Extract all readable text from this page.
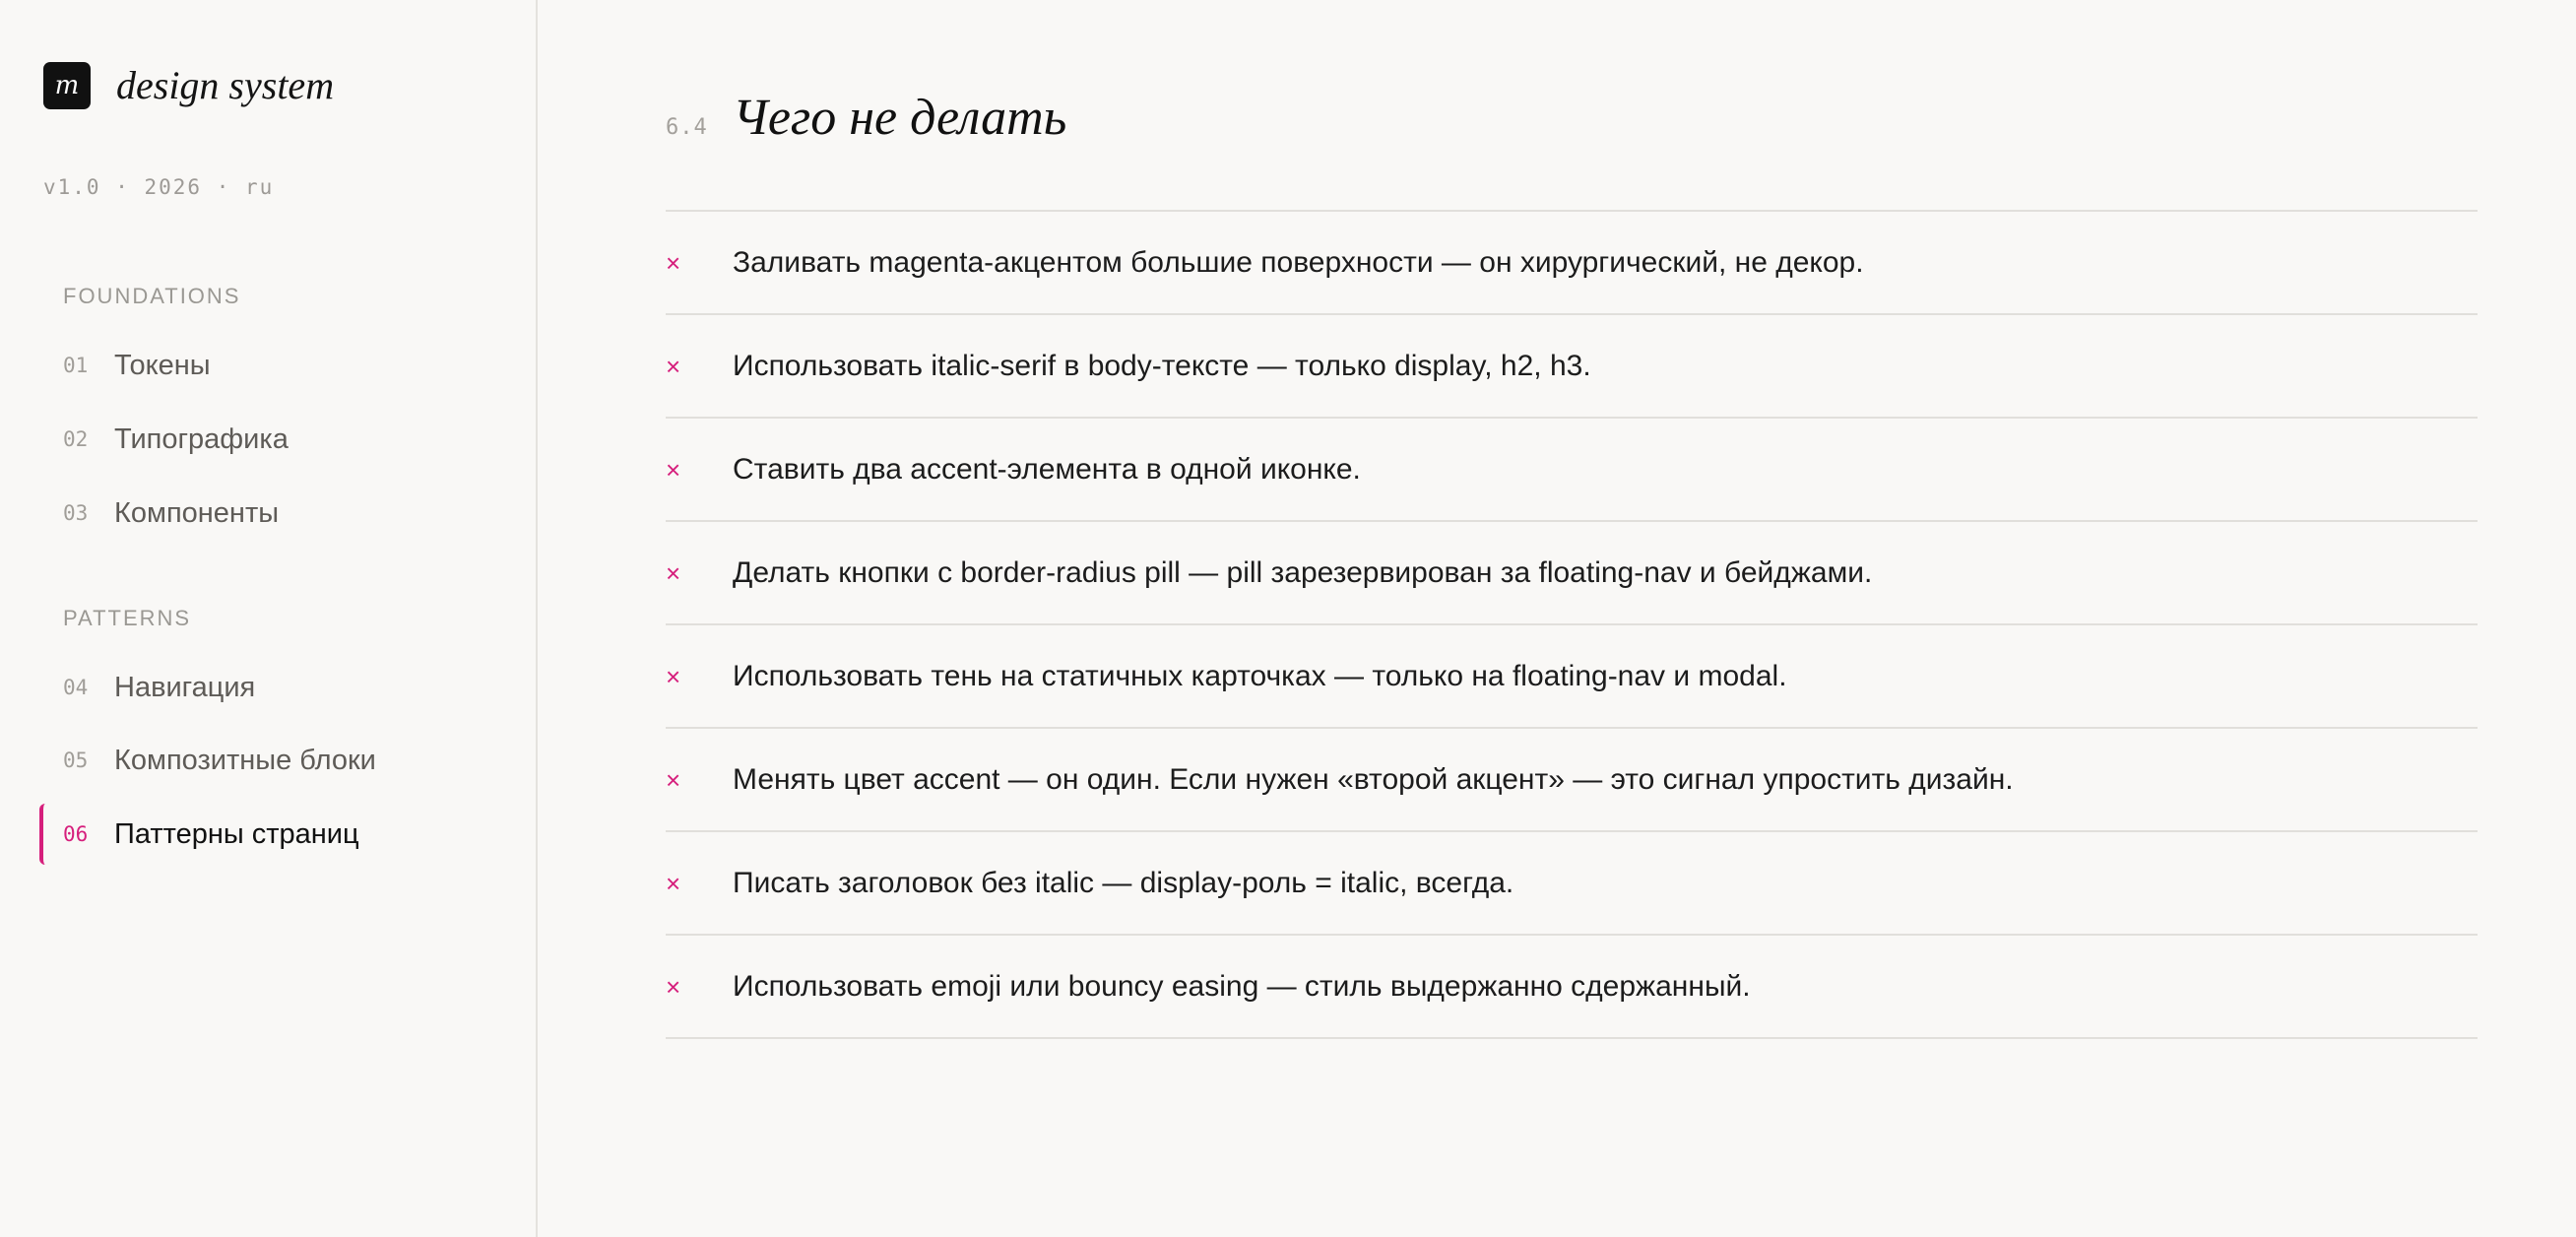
m design system
v1.0 · 2026 · ru
FOUNDATIONS
01 Токены
02 Типографика
03 Компоненты
PATTERNS
04 Навигация
05 Композитные блоки
06 Паттерны страниц
6.4 Чего не делать
×	Заливать magenta-акцентом большие поверхности — он хирургический, не декор.
×	Использовать italic-serif в body-тексте — только display, h2, h3.
×	Ставить два accent-элемента в одной иконке.
×	Делать кнопки с border-radius pill — pill зарезервирован за floating-nav и бейджами.
×	Использовать тень на статичных карточках — только на floating-nav и modal.
×	Менять цвет accent — он один. Если нужен «второй акцент» — это сигнал упростить дизайн.
×	Писать заголовок без italic — display-роль = italic, всегда.
×	Использовать emoji или bouncy easing — стиль выдержанно сдержанный.
